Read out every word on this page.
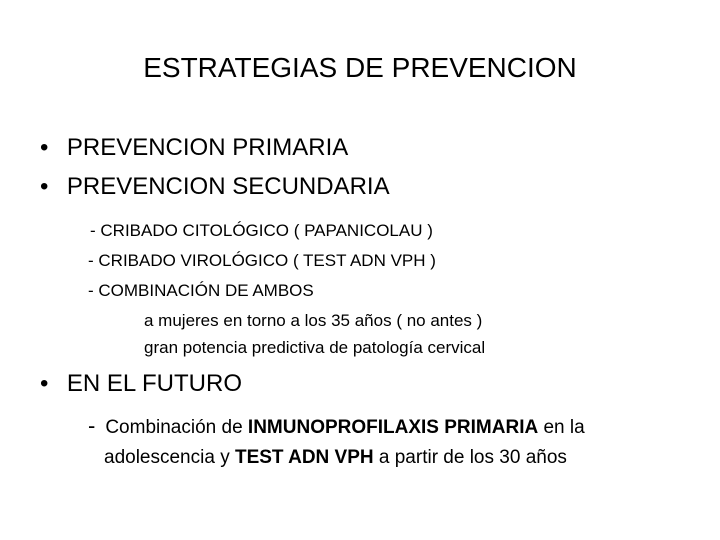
ESTRATEGIAS DE PREVENCION
• PREVENCION PRIMARIA
• PREVENCION SECUNDARIA
- CRIBADO CITOLÓGICO ( PAPANICOLAU )
- CRIBADO VIROLÓGICO ( TEST ADN VPH )
- COMBINACIÓN DE AMBOS
a mujeres en torno a los 35 años ( no antes )
gran potencia predictiva de patología cervical
• EN EL FUTURO
- Combinación de INMUNOPROFILAXIS PRIMARIA en la
adolescencia y TEST ADN VPH a partir de los 30 años
